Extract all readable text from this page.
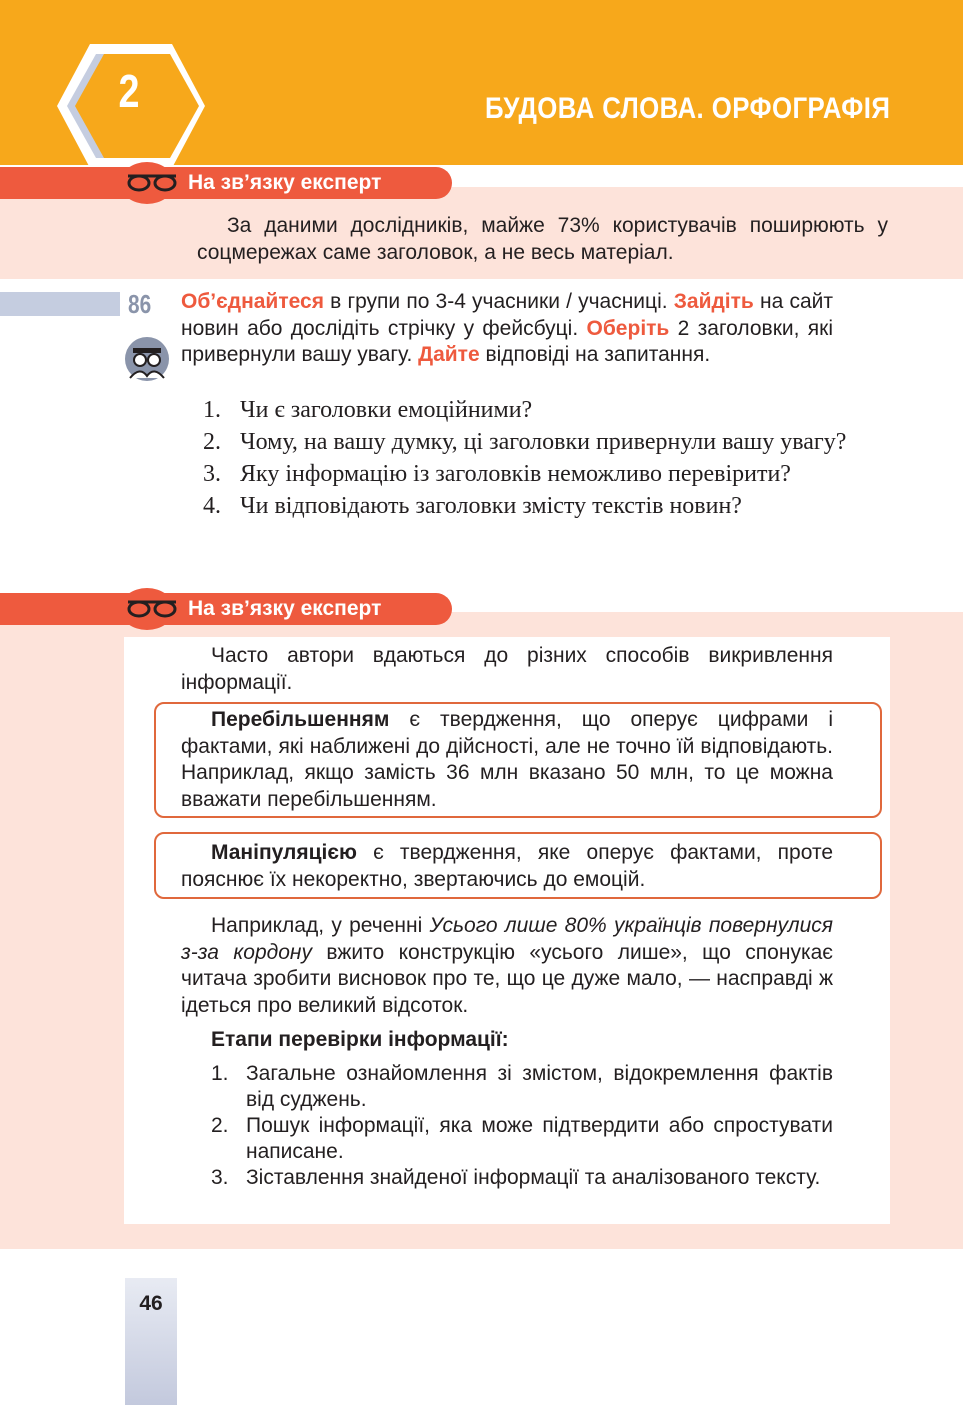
2	БУДОВА СЛОВА. ОРФОГРАФІЯ
На зв’язку експерт
За даними дослідників, майже 73% користувачів поширюють у соцмережах саме заголовок, а не весь матеріал.
86 Об’єднайтеся в групи по 3-4 учасники / учасниці. Зайдіть на сайт новин або дослідіть стрічку у фейсбуці. Оберіть 2 заголовки, які привернули вашу увагу. Дайте відповіді на запитання.
1. Чи є заголовки емоційними?
2. Чому, на вашу думку, ці заголовки привернули вашу увагу?
3. Яку інформацію із заголовків неможливо перевірити?
4. Чи відповідають заголовки змісту текстів новин?
На зв’язку експерт
Часто автори вдаються до різних способів викривлення інформації.
Перебільшенням є твердження, що оперує цифрами і фактами, які наближені до дійсності, але не точно їй відповідають. Наприклад, якщо замість 36 млн вказано 50 млн, то це можна вважати перебільшенням.
Маніпуляцією є твердження, яке оперує фактами, проте пояснює їх некоректно, звертаючись до емоцій.
Наприклад, у реченні Усього лише 80% українців повернулися з-за кордону вжито конструкцію «усього лише», що спонукає читача зробити висновок про те, що це дуже мало, — насправді ж ідеться про великий відсоток.
Етапи перевірки інформації:
1. Загальне ознайомлення зі змістом, відокремлення фактів від суджень.
2. Пошук інформації, яка може підтвердити або спростувати написане.
3. Зіставлення знайденої інформації та аналізованого тексту.
46
